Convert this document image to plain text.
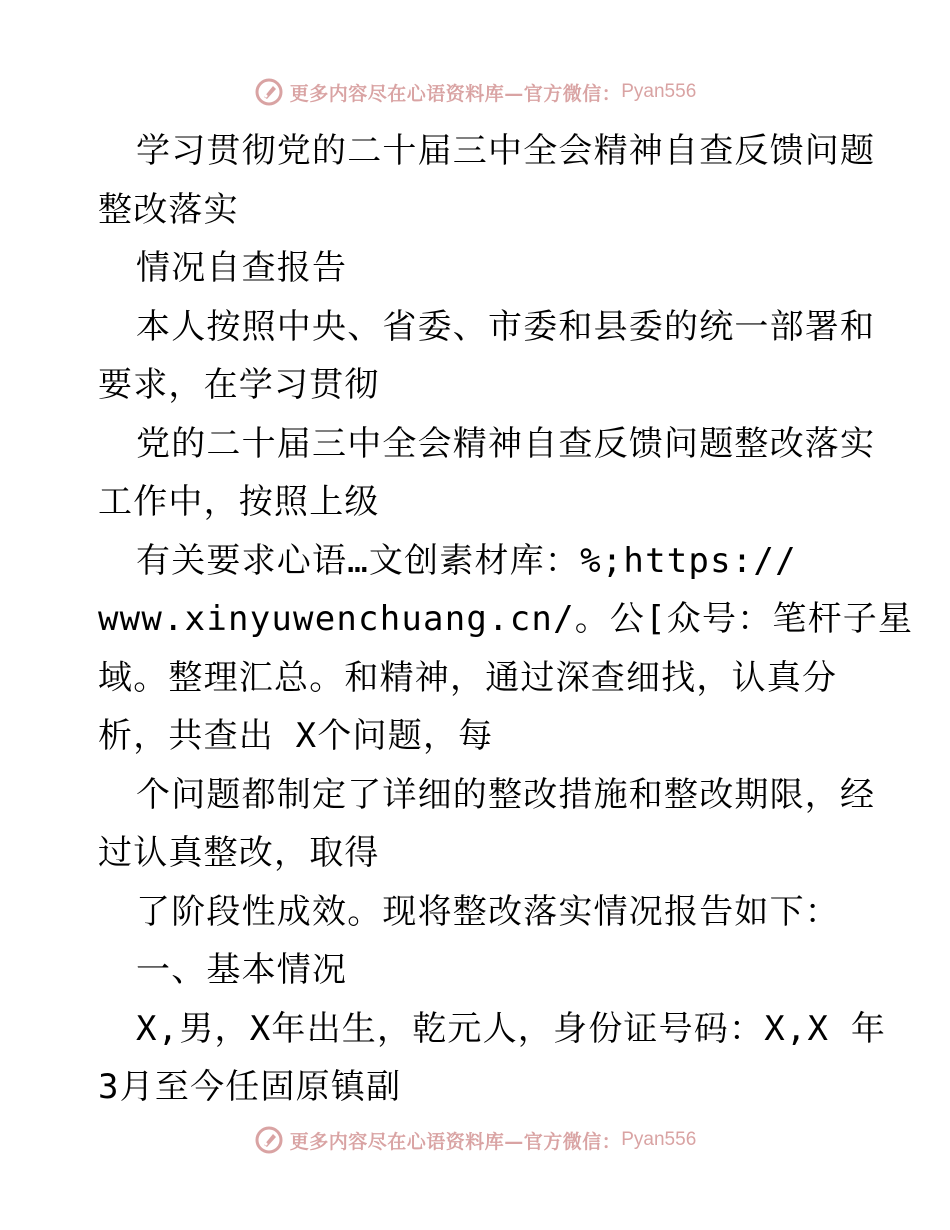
更多内容尽在心语资料库—官方微信： Pyan556
学习贯彻党的二十届三中全会精神自查反馈问题
整改落实
情况自查报告
本人按照中央、省委、市委和县委的统一部署和
要求，在学习贯彻
党的二十届三中全会精神自查反馈问题整改落实
工作中，按照上级
有关要求心语…文创素材库：%;https://
www.xinyuwenchuang.cn/。公[众号：笔杆子星
域。整理汇总。和精神，通过深查细找，认真分
析，共查出 X个问题，每
个问题都制定了详细的整改措施和整改期限，经
过认真整改，取得
了阶段性成效。现将整改落实情况报告如下：
一、基本情况
X,男，X年出生，乾元人，身份证号码：X,X 年
3月至今任固原镇副
更多内容尽在心语资料库—官方微信： Pyan556
